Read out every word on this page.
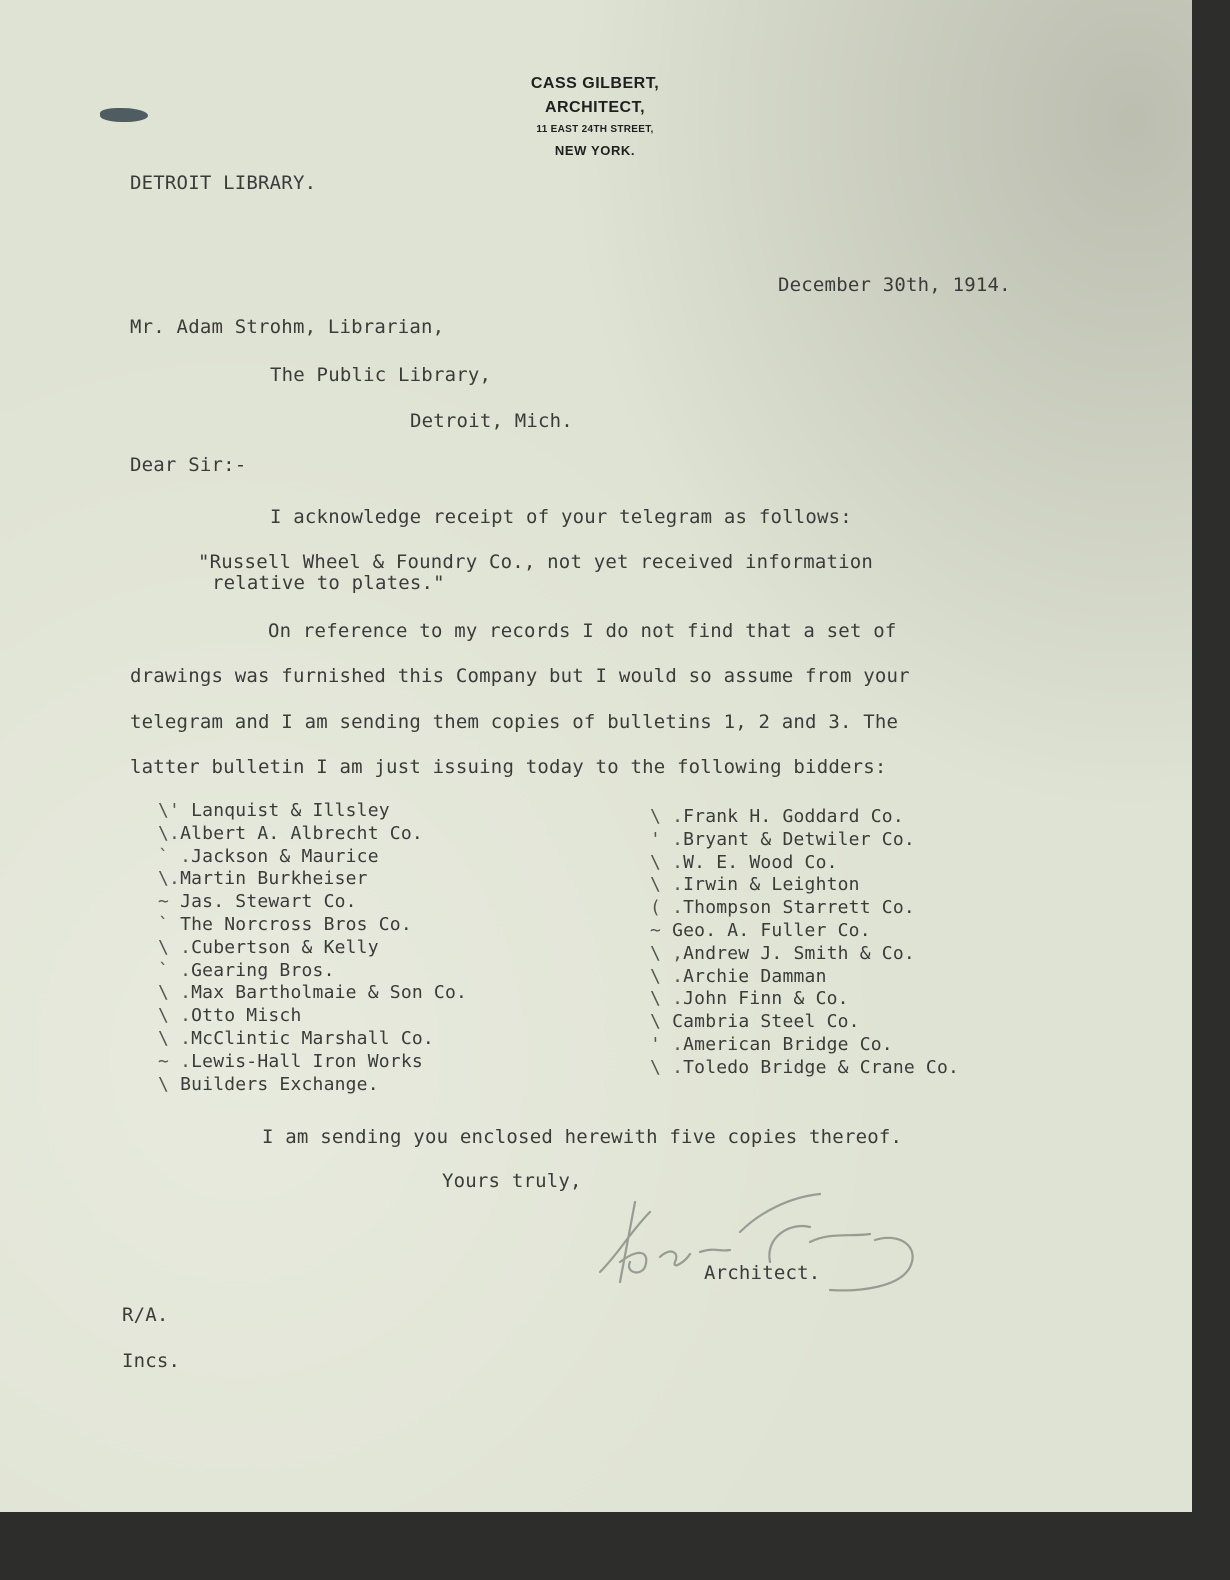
CASS GILBERT,
ARCHITECT,
11 EAST 24TH STREET,
NEW YORK.
DETROIT LIBRARY.
December 30th, 1914.
Mr. Adam Strohm, Librarian,
The Public Library,
Detroit, Mich.
Dear Sir:-
I acknowledge receipt of your telegram as follows:
"Russell Wheel & Foundry Co., not yet received information
relative to plates."
On reference to my records I do not find that a set of
drawings was furnished this Company but I would so assume from your
telegram and I am sending them copies of bulletins 1, 2 and 3. The
latter bulletin I am just issuing today to the following bidders:
\' Lanquist & Illsley
\.Albert A. Albrecht Co.
` .Jackson & Maurice
\.Martin Burkheiser
~ Jas. Stewart Co.
` The Norcross Bros Co.
\ .Cubertson & Kelly
` .Gearing Bros.
\ .Max Bartholmaie & Son Co.
\ .Otto Misch
\ .McClintic Marshall Co.
~ .Lewis-Hall Iron Works
\ Builders Exchange.
\ .Frank H. Goddard Co.
' .Bryant & Detwiler Co.
\ .W. E. Wood Co.
\ .Irwin & Leighton
( .Thompson Starrett Co.
~ Geo. A. Fuller Co.
\ ,Andrew J. Smith & Co.
\ .Archie Damman
\ .John Finn & Co.
\ Cambria Steel Co.
' .American Bridge Co.
\ .Toledo Bridge & Crane Co.
I am sending you enclosed herewith five copies thereof.
Yours truly,
Architect.
R/A.
Incs.
